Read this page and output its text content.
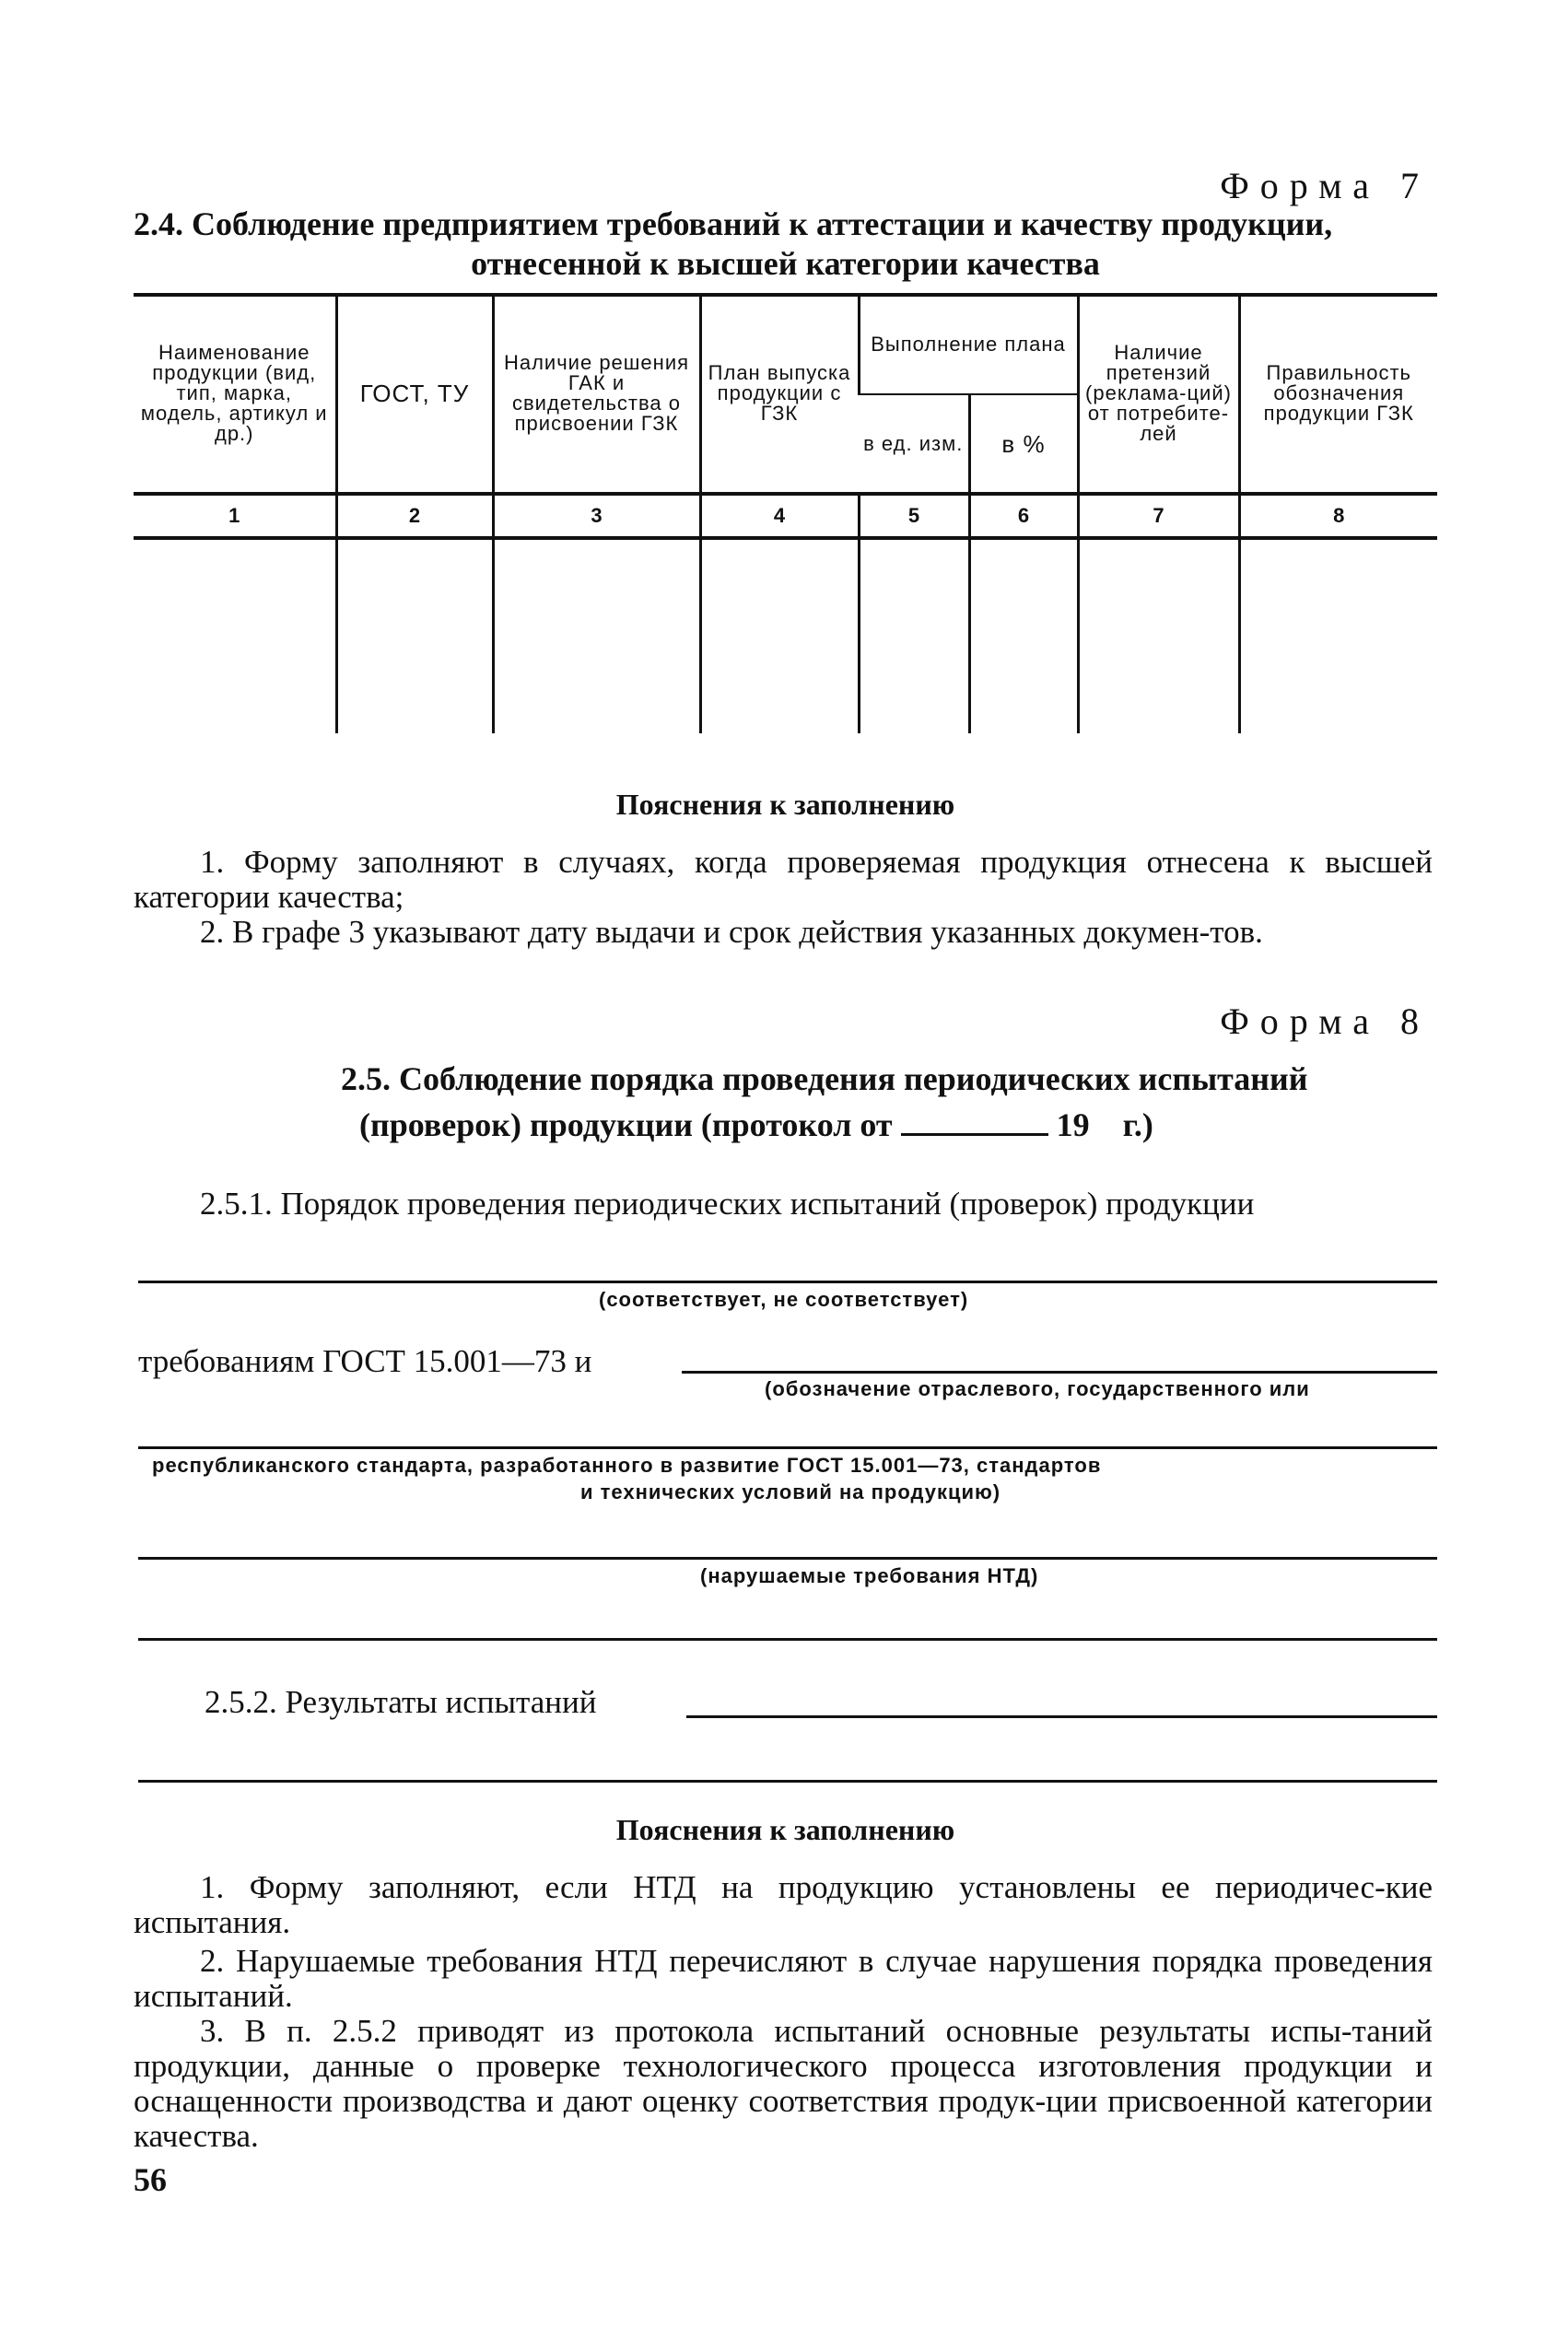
Форма 7
2.4. Соблюдение предприятием требований к аттестации и качеству продукции,
отнесенной к высшей категории качества
Наименование продукции (вид, тип, марка, модель, артикул и др.)	ГОСТ, ТУ	Наличие решения ГАК и свидетельства о присвоении ГЗК	План выпуска продукции с ГЗК	Выполнение плана		Наличие претензий (реклама-ций) от потребите-лей	Правильность обозначения продукции ГЗК
				в ед. изм.	в %		
1	2	3	4	5	6	7	8

Пояснения к заполнению
1. Форму заполняют в случаях, когда проверяемая продукция отнесена к высшей категории качества;
2. В графе 3 указывают дату выдачи и срок действия указанных докумен-тов.
Форма 8
2.5. Соблюдение порядка проведения периодических испытаний
(проверок) продукции (протокол от	19 г.)
2.5.1. Порядок проведения периодических испытаний (проверок) продукции
(соответствует, не соответствует)
требованиям ГОСТ 15.001—73 и
(обозначение отраслевого, государственного или
республиканского стандарта, разработанного в развитие ГОСТ 15.001—73, стандартов
и технических условий на продукцию)
(нарушаемые требования НТД)
2.5.2. Результаты испытаний
Пояснения к заполнению
1. Форму заполняют, если НТД на продукцию установлены ее периодичес-кие испытания.
2. Нарушаемые требования НТД перечисляют в случае нарушения порядка проведения испытаний.
3. В п. 2.5.2 приводят из протокола испытаний основные результаты испы-таний продукции, данные о проверке технологического процесса изготовления продукции и оснащенности производства и дают оценку соответствия продук-ции присвоенной категории качества.
56
